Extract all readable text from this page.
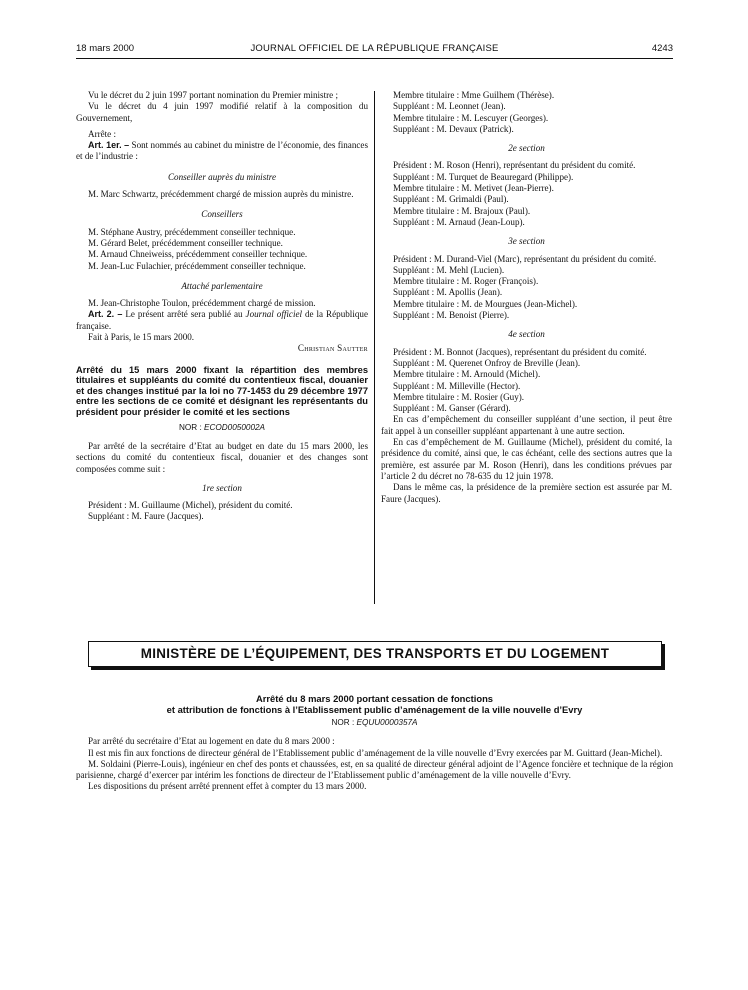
18 mars 2000	JOURNAL OFFICIEL DE LA RÉPUBLIQUE FRANÇAISE	4243

Vu le décret du 2 juin 1997 portant nomination du Premier ministre ;

Vu le décret du 4 juin 1997 modifié relatif à la composition du Gouvernement,

Arrête :

Art. 1er. – Sont nommés au cabinet du ministre de l’économie, des finances et de l’industrie :

Conseiller auprès du ministre

M. Marc Schwartz, précédemment chargé de mission auprès du ministre.

Conseillers

M. Stéphane Austry, précédemment conseiller technique.

M. Gérard Belet, précédemment conseiller technique.

M. Arnaud Chneiweiss, précédemment conseiller technique.

M. Jean-Luc Fulachier, précédemment conseiller technique.

Attaché parlementaire

M. Jean-Christophe Toulon, précédemment chargé de mission.

Art. 2. – Le présent arrêté sera publié au Journal officiel de la République française.

Fait à Paris, le 15 mars 2000.

Christian Sautter

Arrêté du 15 mars 2000 fixant la répartition des membres titulaires et suppléants du comité du contentieux fiscal, douanier et des changes institué par la loi no 77-1453 du 29 décembre 1977 entre les sections de ce comité et désignant les représentants du président pour présider le comité et les sections

NOR : ECOD0050002A

Par arrêté de la secrétaire d’Etat au budget en date du 15 mars 2000, les sections du comité du contentieux fiscal, douanier et des changes sont composées comme suit :

1re section

Président : M. Guillaume (Michel), président du comité.

Suppléant : M. Faure (Jacques).

Membre titulaire : Mme Guilhem (Thérèse).

Suppléant : M. Leonnet (Jean).

Membre titulaire : M. Lescuyer (Georges).

Suppléant : M. Devaux (Patrick).

2e section

Président : M. Roson (Henri), représentant du président du comité.

Suppléant : M. Turquet de Beauregard (Philippe).

Membre titulaire : M. Metivet (Jean-Pierre).

Suppléant : M. Grimaldi (Paul).

Membre titulaire : M. Brajoux (Paul).

Suppléant : M. Arnaud (Jean-Loup).

3e section

Président : M. Durand-Viel (Marc), représentant du président du comité.

Suppléant : M. Mehl (Lucien).

Membre titulaire : M. Roger (François).

Suppléant : M. Apollis (Jean).

Membre titulaire : M. de Mourgues (Jean-Michel).

Suppléant : M. Benoist (Pierre).

4e section

Président : M. Bonnot (Jacques), représentant du président du comité.

Suppléant : M. Querenet Onfroy de Breville (Jean).

Membre titulaire : M. Arnould (Michel).

Suppléant : M. Milleville (Hector).

Membre titulaire : M. Rosier (Guy).

Suppléant : M. Ganser (Gérard).

En cas d’empêchement du conseiller suppléant d’une section, il peut être fait appel à un conseiller suppléant appartenant à une autre section.

En cas d’empêchement de M. Guillaume (Michel), président du comité, la présidence du comité, ainsi que, le cas échéant, celle des sections autres que la première, est assurée par M. Roson (Henri), dans les conditions prévues par l’article 2 du décret no 78-635 du 12 juin 1978.

Dans le même cas, la présidence de la première section est assurée par M. Faure (Jacques).

MINISTÈRE DE L’ÉQUIPEMENT, DES TRANSPORTS ET DU LOGEMENT

Arrêté du 8 mars 2000 portant cessation de fonctions

et attribution de fonctions à l’Etablissement public d’aménagement de la ville nouvelle d’Evry

NOR : EQUU0000357A

Par arrêté du secrétaire d’Etat au logement en date du 8 mars 2000 :

Il est mis fin aux fonctions de directeur général de l’Etablissement public d’aménagement de la ville nouvelle d’Evry exercées par M. Guittard (Jean-Michel).

M. Soldaini (Pierre-Louis), ingénieur en chef des ponts et chaussées, est, en sa qualité de directeur général adjoint de l’Agence foncière et technique de la région parisienne, chargé d’exercer par intérim les fonctions de directeur de l’Etablissement public d’aménagement de la ville nouvelle d’Evry.

Les dispositions du présent arrêté prennent effet à compter du 13 mars 2000.
